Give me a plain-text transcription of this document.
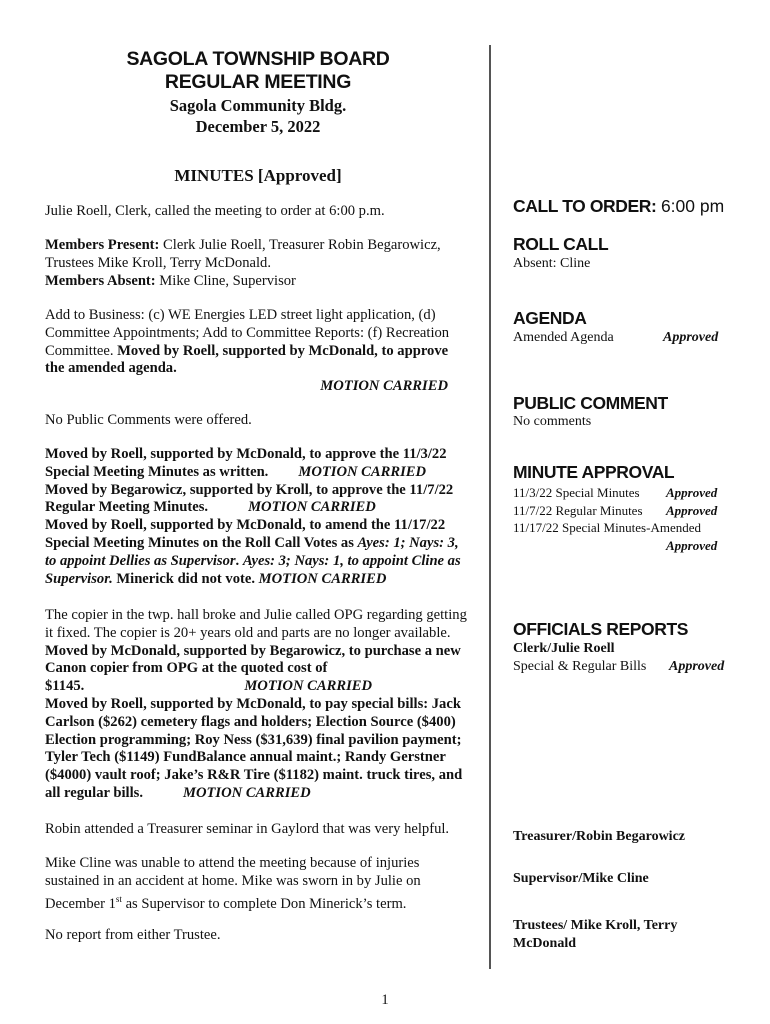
SAGOLA TOWNSHIP BOARD
REGULAR MEETING
Sagola Community Bldg.
December 5, 2022
MINUTES [Approved]

Julie Roell, Clerk, called the meeting to order at 6:00 p.m.

Members Present: Clerk Julie Roell, Treasurer Robin Begarowicz, Trustees Mike Kroll, Terry McDonald.

Members Absent: Mike Cline, Supervisor

Add to Business: (c) WE Energies LED street light application, (d) Committee Appointments; Add to Committee Reports: (f) Recreation Committee. Moved by Roell, supported by McDonald, to approve the amended agenda.

MOTION CARRIED

No Public Comments were offered.

Moved by Roell, supported by McDonald, to approve the 11/3/22 Special Meeting Minutes as written. MOTION CARRIED

Moved by Begarowicz, supported by Kroll, to approve the 11/7/22 Regular Meeting Minutes.	MOTION CARRIED

Moved by Roell, supported by McDonald, to amend the 11/17/22 Special Meeting Minutes on the Roll Call Votes as Ayes: 1; Nays: 3, to appoint Dellies as Supervisor. Ayes: 3; Nays: 1, to appoint Cline as Supervisor. Minerick did not vote. MOTION CARRIED

The copier in the twp. hall broke and Julie called OPG regarding getting it fixed. The copier is 20+ years old and parts are no longer available. Moved by McDonald, supported by Begarowicz, to purchase a new Canon copier from OPG at the quoted cost of $1145.	MOTION CARRIED

Moved by Roell, supported by McDonald, to pay special bills: Jack Carlson ($262) cemetery flags and holders; Election Source ($400) Election programming; Roy Ness ($31,639) final pavilion payment; Tyler Tech ($1149) FundBalance annual maint.; Randy Gerstner ($4000) vault roof; Jake’s R&R Tire ($1182) maint. truck tires, and all regular bills.	MOTION CARRIED

Robin attended a Treasurer seminar in Gaylord that was very helpful.

Mike Cline was unable to attend the meeting because of injuries sustained in an accident at home. Mike was sworn in by Julie on December 1st as Supervisor to complete Don Minerick’s term.

No report from either Trustee.

CALL TO ORDER: 6:00 pm
ROLL CALL
Absent: Cline
AGENDA
Amended Agenda	Approved
PUBLIC COMMENT
No comments
MINUTE APPROVAL
11/3/22 Special Minutes	Approved
11/7/22 Regular Minutes	Approved
11/17/22 Special Minutes-Amended
Approved
OFFICIALS REPORTS
Clerk/Julie Roell
Special & Regular Bills	Approved
Treasurer/Robin Begarowicz
Supervisor/Mike Cline
Trustees/ Mike Kroll, Terry McDonald
1
